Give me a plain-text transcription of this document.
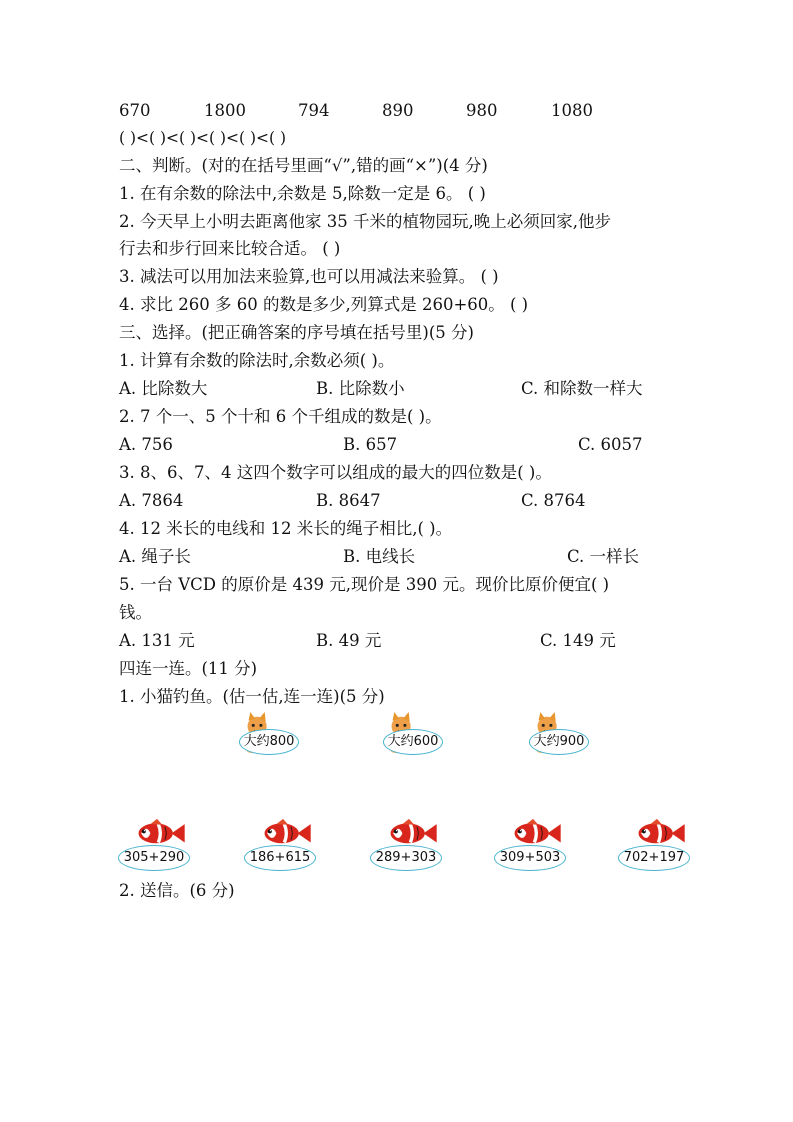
670	1800	794	890	980	1080
( )<( )<( )<( )<( )<( )
二、判断。(对的在括号里画“√”,错的画“×”)(4 分)
1. 在有余数的除法中,余数是 5,除数一定是 6。 ( )
2. 今天早上小明去距离他家 35 千米的植物园玩,晚上必须回家,他步
行去和步行回来比较合适。 ( )
3. 减法可以用加法来验算,也可以用减法来验算。 ( )
4. 求比 260 多 60 的数是多少,列算式是 260+60。 ( )
三、选择。(把正确答案的序号填在括号里)(5 分)
1. 计算有余数的除法时,余数必须( )。
A. 比除数大	B. 比除数小	C. 和除数一样大
2. 7 个一、5 个十和 6 个千组成的数是( )。
A. 756	B. 657	C. 6057
3. 8、6、7、4 这四个数字可以组成的最大的四位数是( )。
A. 7864	B. 8647	C. 8764
4. 12 米长的电线和 12 米长的绳子相比,( )。
A. 绳子长	B. 电线长	C. 一样长
5. 一台 VCD 的原价是 439 元,现价是 390 元。现价比原价便宜( )
钱。
A. 131 元	B. 49 元	C. 149 元
四连一连。(11 分)
1. 小猫钓鱼。(估一估,连一连)(5 分)
大约800	大约600	大约900
305+290	186+615	289+303	309+503	702+197
2. 送信。(6 分)
